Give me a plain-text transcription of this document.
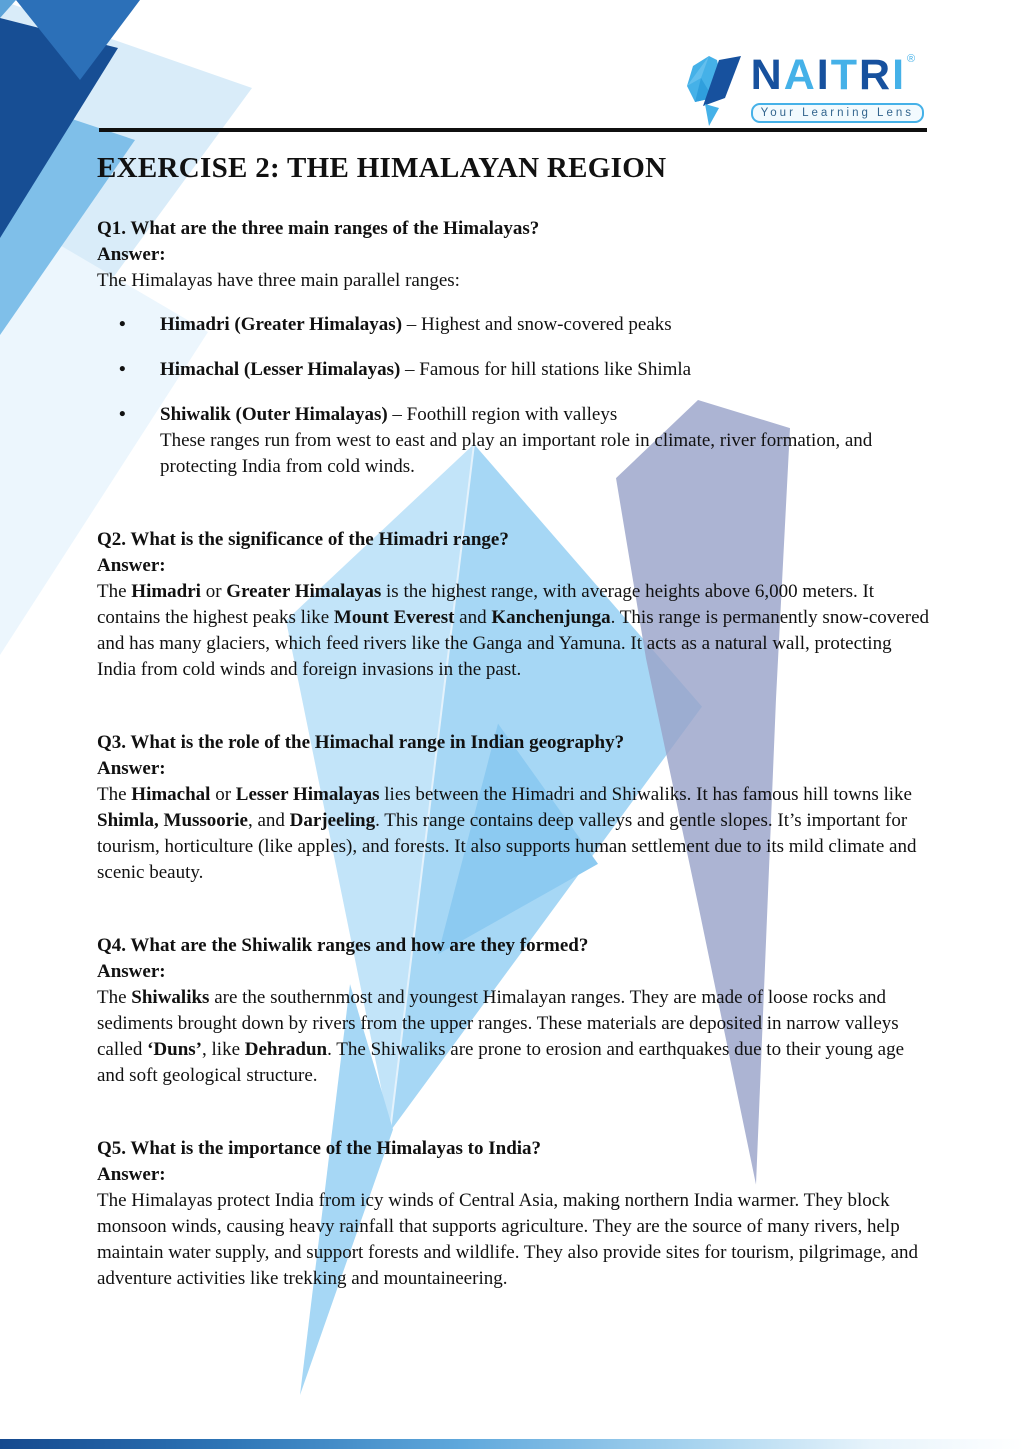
NAITRI ®
Your Learning Lens
EXERCISE 2: THE HIMALAYAN REGION
Q1. What are the three main ranges of the Himalayas?
Answer:
The Himalayas have three main parallel ranges:
• Himadri (Greater Himalayas) – Highest and snow-covered peaks
• Himachal (Lesser Himalayas) – Famous for hill stations like Shimla
• Shiwalik (Outer Himalayas) – Foothill region with valleys
These ranges run from west to east and play an important role in climate, river formation, and protecting India from cold winds.
Q2. What is the significance of the Himadri range?
Answer:
The Himadri or Greater Himalayas is the highest range, with average heights above 6,000 meters. It contains the highest peaks like Mount Everest and Kanchenjunga. This range is permanently snow-covered and has many glaciers, which feed rivers like the Ganga and Yamuna. It acts as a natural wall, protecting India from cold winds and foreign invasions in the past.
Q3. What is the role of the Himachal range in Indian geography?
Answer:
The Himachal or Lesser Himalayas lies between the Himadri and Shiwaliks. It has famous hill towns like Shimla, Mussoorie, and Darjeeling. This range contains deep valleys and gentle slopes. It’s important for tourism, horticulture (like apples), and forests. It also supports human settlement due to its mild climate and scenic beauty.
Q4. What are the Shiwalik ranges and how are they formed?
Answer:
The Shiwaliks are the southernmost and youngest Himalayan ranges. They are made of loose rocks and sediments brought down by rivers from the upper ranges. These materials are deposited in narrow valleys called ‘Duns’, like Dehradun. The Shiwaliks are prone to erosion and earthquakes due to their young age and soft geological structure.
Q5. What is the importance of the Himalayas to India?
Answer:
The Himalayas protect India from icy winds of Central Asia, making northern India warmer. They block monsoon winds, causing heavy rainfall that supports agriculture. They are the source of many rivers, help maintain water supply, and support forests and wildlife. They also provide sites for tourism, pilgrimage, and adventure activities like trekking and mountaineering.
